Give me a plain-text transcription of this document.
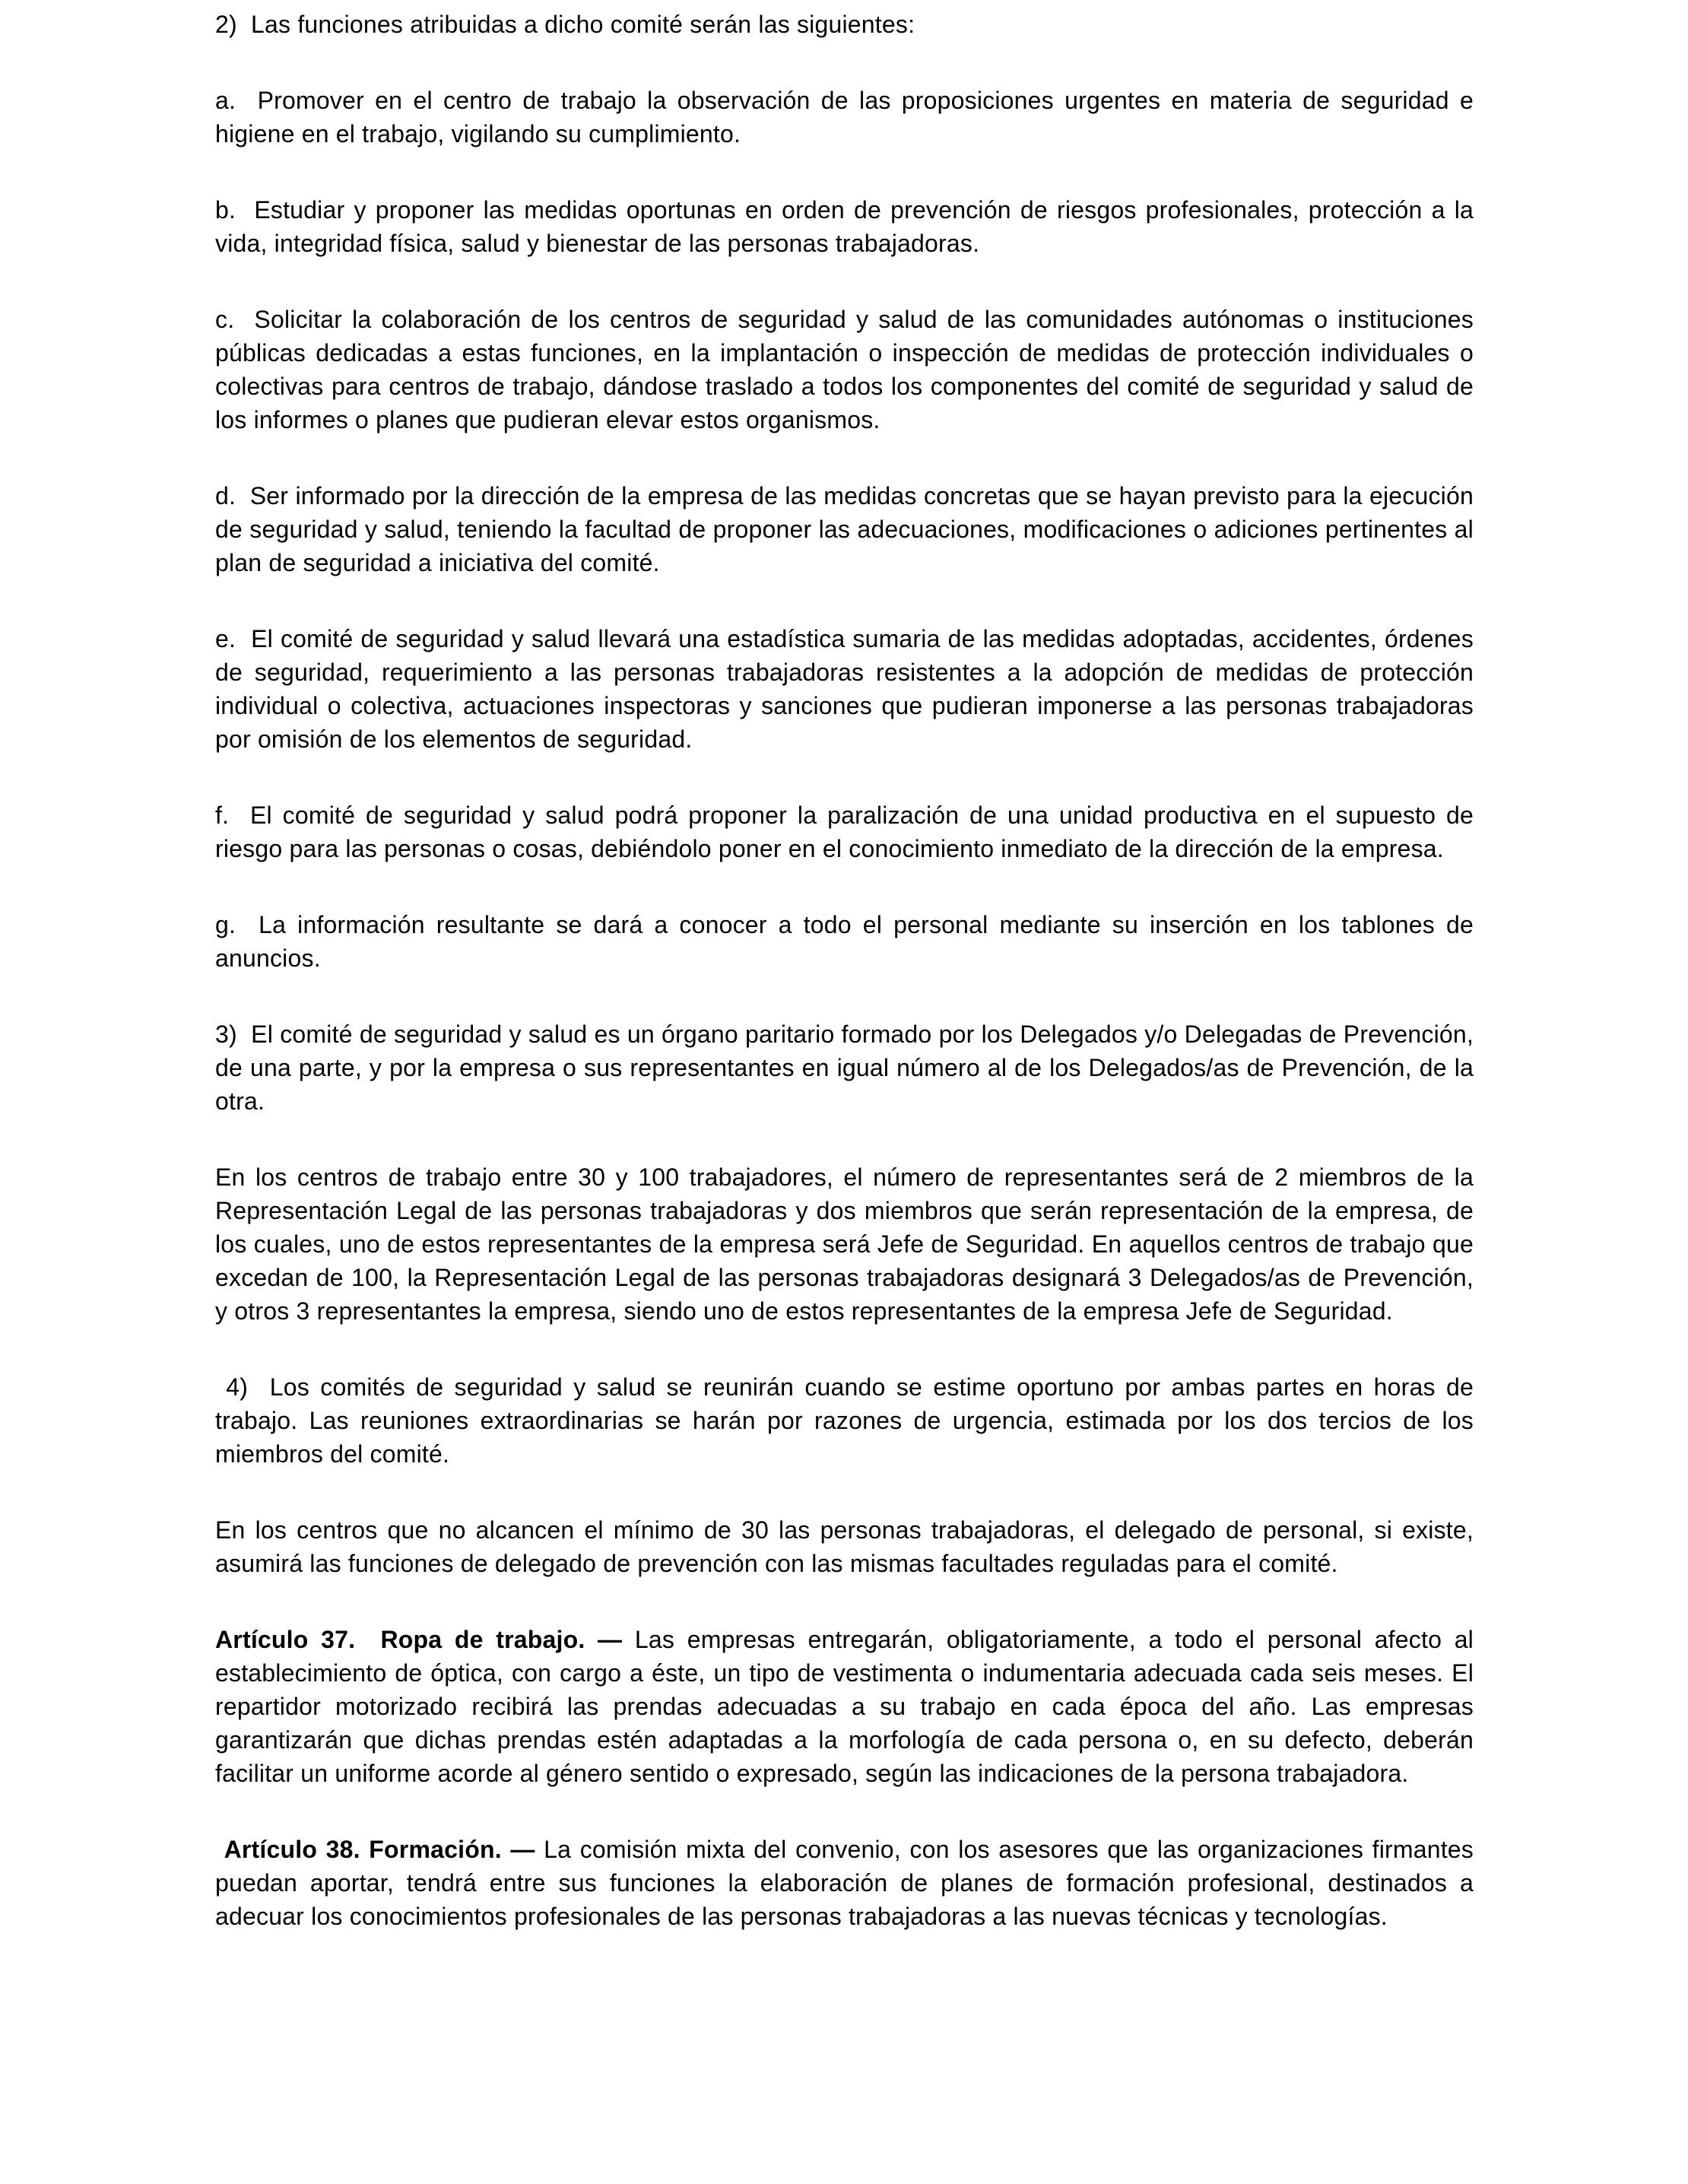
2)  Las funciones atribuidas a dicho comité serán las siguientes:

a.  Promover en el centro de trabajo la observación de las proposiciones urgentes en materia de seguridad e higiene en el trabajo, vigilando su cumplimiento.

b.  Estudiar y proponer las medidas oportunas en orden de prevención de riesgos profesionales, protección a la vida, integridad física, salud y bienestar de las personas trabajadoras.

c.  Solicitar la colaboración de los centros de seguridad y salud de las comunidades autónomas o instituciones públicas dedicadas a estas funciones, en la implantación o inspección de medidas de protección individuales o colectivas para centros de trabajo, dándose traslado a todos los componentes del comité de seguridad y salud de los informes o planes que pudieran elevar estos organismos.

d.  Ser informado por la dirección de la empresa de las medidas concretas que se hayan previsto para la ejecución de seguridad y salud, teniendo la facultad de proponer las adecuaciones, modificaciones o adiciones pertinentes al plan de seguridad a iniciativa del comité.

e.  El comité de seguridad y salud llevará una estadística sumaria de las medidas adoptadas, accidentes, órdenes de seguridad, requerimiento a las personas trabajadoras resistentes a la adopción de medidas de protección individual o colectiva, actuaciones inspectoras y sanciones que pudieran imponerse a las personas trabajadoras por omisión de los elementos de seguridad.

f.  El comité de seguridad y salud podrá proponer la paralización de una unidad productiva en el supuesto de riesgo para las personas o cosas, debiéndolo poner en el conocimiento inmediato de la dirección de la empresa.

g.  La información resultante se dará a conocer a todo el personal mediante su inserción en los tablones de anuncios.

3)  El comité de seguridad y salud es un órgano paritario formado por los Delegados y/o Delegadas de Prevención, de una parte, y por la empresa o sus representantes en igual número al de los Delegados/as de Prevención, de la otra.

En los centros de trabajo entre 30 y 100 trabajadores, el número de representantes será de 2 miembros de la Representación Legal de las personas trabajadoras y dos miembros que serán representación de la empresa, de los cuales, uno de estos representantes de la empresa será Jefe de Seguridad. En aquellos centros de trabajo que excedan de 100, la Representación Legal de las personas trabajadoras designará 3 Delegados/as de Prevención, y otros 3 representantes la empresa, siendo uno de estos representantes de la empresa Jefe de Seguridad.

4)  Los comités de seguridad y salud se reunirán cuando se estime oportuno por ambas partes en horas de trabajo. Las reuniones extraordinarias se harán por razones de urgencia, estimada por los dos tercios de los miembros del comité.

En los centros que no alcancen el mínimo de 30 las personas trabajadoras, el delegado de personal, si existe, asumirá las funciones de delegado de prevención con las mismas facultades reguladas para el comité.

Artículo 37.  Ropa de trabajo. — Las empresas entregarán, obligatoriamente, a todo el personal afecto al establecimiento de óptica, con cargo a éste, un tipo de vestimenta o indumentaria adecuada cada seis meses. El repartidor motorizado recibirá las prendas adecuadas a su trabajo en cada época del año. Las empresas garantizarán que dichas prendas estén adaptadas a la morfología de cada persona o, en su defecto, deberán facilitar un uniforme acorde al género sentido o expresado, según las indicaciones de la persona trabajadora.

Artículo 38. Formación. — La comisión mixta del convenio, con los asesores que las organizaciones firmantes puedan aportar, tendrá entre sus funciones la elaboración de planes de formación profesional, destinados a adecuar los conocimientos profesionales de las personas trabajadoras a las nuevas técnicas y tecnologías.
